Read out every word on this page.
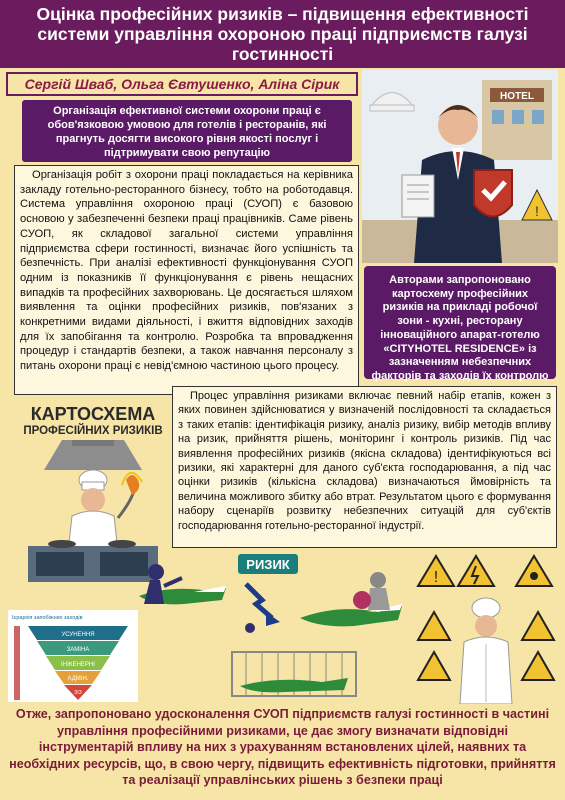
Оцінка професійних ризиків – підвищення ефективності системи управління охороною праці підприємств галузі гостинності
Сергій Шваб, Ольга Євтушенко, Аліна Сірик
Організація ефективної системи охорони праці є обов'язковою умовою для готелів і ресторанів, які прагнуть досягти високого рівня якості послуг і підтримувати свою репутацію
HOTEL
!
Організація робіт з охорони праці покладається на керівника закладу готельно-ресторанного бізнесу, тобто на роботодавця. Система управління охороною праці (СУОП) є базовою основою у забезпеченні безпеки праці працівників. Саме рівень СУОП, як складової загальної системи управління підприємства сфери гостинності, визначає його успішність та безпечність. При аналізі ефективності функціонування СУОП одним із показників її функціонування є рівень нещасних випадків та професійних захворювань. Це досягається шляхом виявлення та оцінки професійних ризиків, пов'язаних з конкретними видами діяльності, і вжиття відповідних заходів для їх запобігання та контролю. Розробка та впровадження процедур і стандартів безпеки, а також навчання персоналу з питань охорони праці є невід'ємною частиною цього процесу.
Авторами запропоновано картосхему професійних ризиків на прикладі робочої зони - кухні, ресторану інноваційного апарат-готелю «CITYHOTEL RESIDENCE» із зазначенням небезпечних факторів та заходів їх контролю
КАРТОСХЕМА
ПРОФЕСІЙНИХ РИЗИКІВ
Процес управління ризиками включає певний набір етапів, кожен з яких повинен здійснюватися у визначеній послідовності та складається з таких етапів: ідентифікація ризику, аналіз ризику, вибір методів впливу на ризик, прийняття рішень, моніторинг і контроль ризиків. Під час виявлення професійних ризиків (якісна складова) ідентифікуються всі ризики, які характерні для даного суб'єкта господарювання, а під час оцінки ризиків (кількісна складова) визначаються ймовірність та величина можливого збитку або втрат. Результатом цього є формування набору сценаріїв розвитку небезпечних ситуацій для суб'єктів господарювання готельно-ресторанної індустрії.
РИЗИК
!
Ієрархія запобіжних заходів
УСУНЕННЯ
ЗАМІНА
ІНЖЕНЕРНІ
АДМІН.
ЗІЗ
Отже, запропоновано удосконалення СУОП підприємств галузі гостинності в частині управління професійними ризиками, це дає змогу визначати відповідні інструментарій впливу на них з урахуванням встановлених цілей, наявних та необхідних ресурсів, що, в свою чергу, підвищить ефективність підготовки, прийняття та реалізації управлінських рішень з безпеки праці
